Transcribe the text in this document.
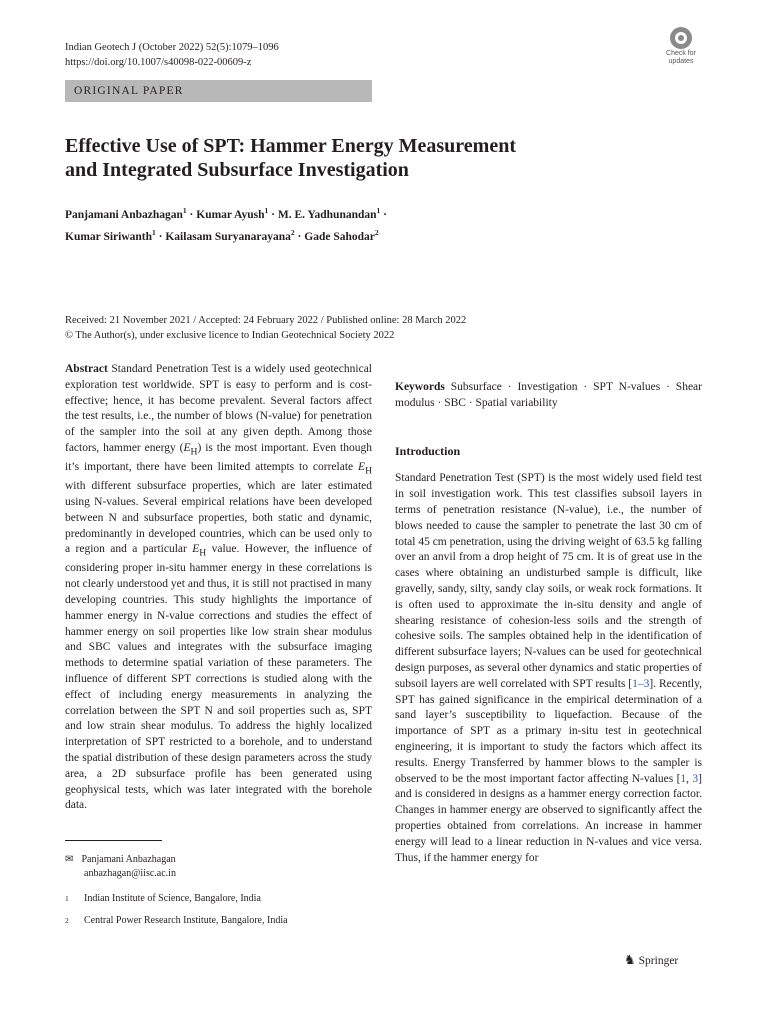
Indian Geotech J (October 2022) 52(5):1079–1096
https://doi.org/10.1007/s40098-022-00609-z
Check for updates
ORIGINAL PAPER
Effective Use of SPT: Hammer Energy Measurement
and Integrated Subsurface Investigation
Panjamani Anbazhagan$^1$ · Kumar Ayush$^1$ · M. E. Yadhunandan$^1$ ·
Kumar Siriwanth$^1$ · Kailasam Suryanarayana$^2$ · Gade Sahodar$^2$
Received: 21 November 2021 / Accepted: 24 February 2022 / Published online: 28 March 2022
© The Author(s), under exclusive licence to Indian Geotechnical Society 2022

Abstract Standard Penetration Test is a widely used geotechnical exploration test worldwide. SPT is easy to perform and is cost-effective; hence, it has become prevalent. Several factors affect the test results, i.e., the number of blows (N-value) for penetration of the sampler into the soil at any given depth. Among those factors, hammer energy $(E_H)$ is the most important. Even though it’s important, there have been limited attempts to correlate $E_H$ with different subsurface properties, which are later estimated using N-values. Several empirical relations have been developed between N and subsurface properties, both static and dynamic, predominantly in developed countries, which can be used only to a region and a particular $E_H$ value. However, the influence of considering proper in-situ hammer energy in these correlations is not clearly understood yet and thus, it is still not practised in many developing countries. This study highlights the importance of hammer energy in N-value corrections and studies the effect of hammer energy on soil properties like low strain shear modulus and SBC values and integrates with the subsurface imaging methods to determine spatial variation of these parameters. The influence of different SPT corrections is studied along with the effect of including energy measurements in analyzing the correlation between the SPT N and soil properties such as, SPT and low strain shear modulus. To address the highly localized interpretation of SPT restricted to a borehole, and to understand the spatial distribution of these design parameters across the study area, a 2D subsurface profile has been generated using geophysical tests, which was later integrated with the borehole data.

Keywords Subsurface · Investigation · SPT N-values · Shear modulus · SBC · Spatial variability

Introduction

Standard Penetration Test (SPT) is the most widely used field test in soil investigation work. This test classifies subsoil layers in terms of penetration resistance (N-value), i.e., the number of blows needed to cause the sampler to penetrate the last 30 cm of total 45 cm penetration, using the driving weight of 63.5 kg falling over an anvil from a drop height of 75 cm. It is of great use in the cases where obtaining an undisturbed sample is difficult, like gravelly, sandy, silty, sandy clay soils, or weak rock formations. It is often used to approximate the in-situ density and angle of shearing resistance of cohesion-less soils and the strength of cohesive soils. The samples obtained help in the identification of different subsurface layers; N-values can be used for geotechnical design purposes, as several other dynamics and static properties of subsoil layers are well correlated with SPT results [1–3]. Recently, SPT has gained significance in the empirical determination of a sand layer’s susceptibility to liquefaction. Because of the importance of SPT as a primary in-situ test in geotechnical engineering, it is important to study the factors which affect its results. Energy Transferred by hammer blows to the sampler is observed to be the most important factor affecting N-values [1, 3] and is considered in designs as a hammer energy correction factor. Changes in hammer energy are observed to significantly affect the properties obtained from correlations. An increase in hammer energy will lead to a linear reduction in N-values and vice versa. Thus, if the hammer energy for

✉ Panjamani Anbazhagan
anbazhagan@iisc.ac.in
1 Indian Institute of Science, Bangalore, India
2 Central Power Research Institute, Bangalore, India
♞ Springer
